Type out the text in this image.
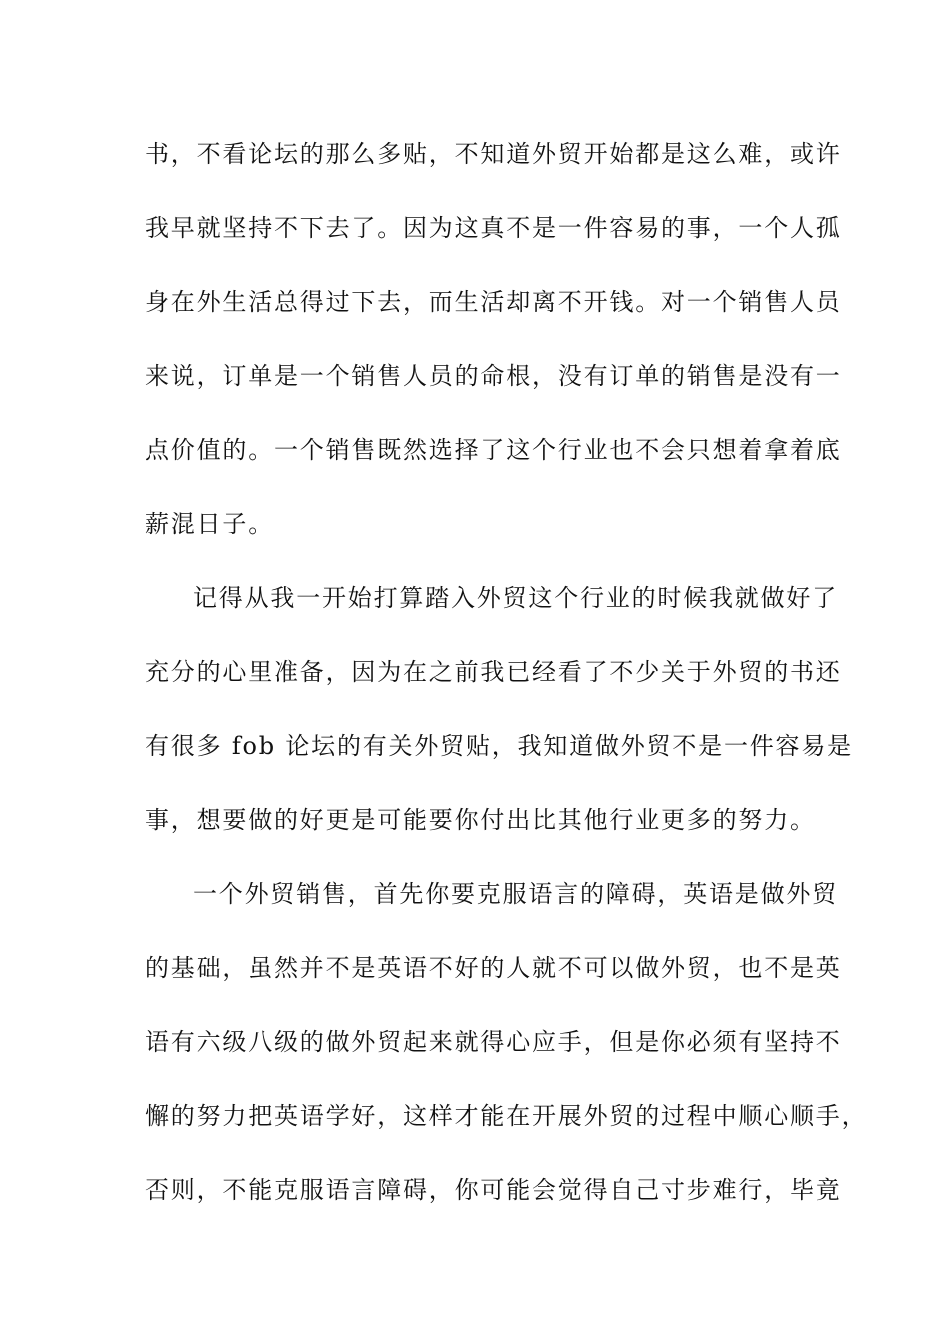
书，不看论坛的那么多贴，不知道外贸开始都是这么难，或许
我早就坚持不下去了。因为这真不是一件容易的事，一个人孤
身在外生活总得过下去，而生活却离不开钱。对一个销售人员
来说，订单是一个销售人员的命根，没有订单的销售是没有一
点价值的。一个销售既然选择了这个行业也不会只想着拿着底
薪混日子。
记得从我一开始打算踏入外贸这个行业的时候我就做好了
充分的心里准备，因为在之前我已经看了不少关于外贸的书还
有很多 fob 论坛的有关外贸贴，我知道做外贸不是一件容易是
事，想要做的好更是可能要你付出比其他行业更多的努力。
一个外贸销售，首先你要克服语言的障碍，英语是做外贸
的基础，虽然并不是英语不好的人就不可以做外贸，也不是英
语有六级八级的做外贸起来就得心应手，但是你必须有坚持不
懈的努力把英语学好，这样才能在开展外贸的过程中顺心顺手，
否则，不能克服语言障碍，你可能会觉得自己寸步难行，毕竟
